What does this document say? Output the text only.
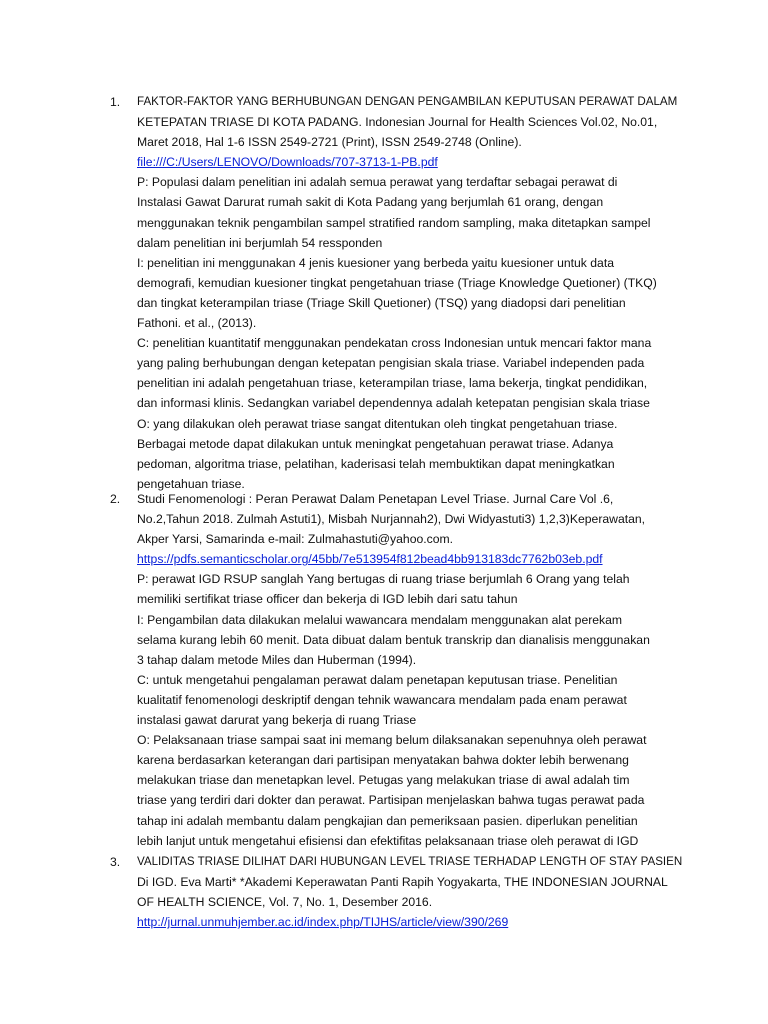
1. FAKTOR-FAKTOR YANG BERHUBUNGAN DENGAN PENGAMBILAN KEPUTUSAN PERAWAT DALAM
KETEPATAN TRIASE DI KOTA PADANG. Indonesian Journal for Health Sciences Vol.02, No.01,
Maret 2018, Hal 1-6 ISSN 2549-2721 (Print), ISSN 2549-2748 (Online).
file:///C:/Users/LENOVO/Downloads/707-3713-1-PB.pdf
P: Populasi dalam penelitian ini adalah semua perawat yang terdaftar sebagai perawat di
Instalasi Gawat Darurat rumah sakit di Kota Padang yang berjumlah 61 orang, dengan
menggunakan teknik pengambilan sampel stratified random sampling, maka ditetapkan sampel
dalam penelitian ini berjumlah 54 ressponden
I: penelitian ini menggunakan 4 jenis kuesioner yang berbeda yaitu kuesioner untuk data
demografi, kemudian kuesioner tingkat pengetahuan triase (Triage Knowledge Quetioner) (TKQ)
dan tingkat keterampilan triase (Triage Skill Quetioner) (TSQ) yang diadopsi dari penelitian
Fathoni. et al., (2013).
C: penelitian kuantitatif menggunakan pendekatan cross Indonesian untuk mencari faktor mana
yang paling berhubungan dengan ketepatan pengisian skala triase. Variabel independen pada
penelitian ini adalah pengetahuan triase, keterampilan triase, lama bekerja, tingkat pendidikan,
dan informasi klinis. Sedangkan variabel dependennya adalah ketepatan pengisian skala triase
O: yang dilakukan oleh perawat triase sangat ditentukan oleh tingkat pengetahuan triase.
Berbagai metode dapat dilakukan untuk meningkat pengetahuan perawat triase. Adanya
pedoman, algoritma triase, pelatihan, kaderisasi telah membuktikan dapat meningkatkan
pengetahuan triase.
2. Studi Fenomenologi : Peran Perawat Dalam Penetapan Level Triase. Jurnal Care Vol .6,
No.2,Tahun 2018. Zulmah Astuti1), Misbah Nurjannah2), Dwi Widyastuti3) 1,2,3)Keperawatan,
Akper Yarsi, Samarinda e-mail: Zulmahastuti@yahoo.com.
https://pdfs.semanticscholar.org/45bb/7e513954f812bead4bb913183dc7762b03eb.pdf
P: perawat IGD RSUP sanglah Yang bertugas di ruang triase berjumlah 6 Orang yang telah
memiliki sertifikat triase officer dan bekerja di IGD lebih dari satu tahun
I: Pengambilan data dilakukan melalui wawancara mendalam menggunakan alat perekam
selama kurang lebih 60 menit. Data dibuat dalam bentuk transkrip dan dianalisis menggunakan
3 tahap dalam metode Miles dan Huberman (1994).
C: untuk mengetahui pengalaman perawat dalam penetapan keputusan triase. Penelitian
kualitatif fenomenologi deskriptif dengan tehnik wawancara mendalam pada enam perawat
instalasi gawat darurat yang bekerja di ruang Triase
O: Pelaksanaan triase sampai saat ini memang belum dilaksanakan sepenuhnya oleh perawat
karena berdasarkan keterangan dari partisipan menyatakan bahwa dokter lebih berwenang
melakukan triase dan menetapkan level. Petugas yang melakukan triase di awal adalah tim
triase yang terdiri dari dokter dan perawat. Partisipan menjelaskan bahwa tugas perawat pada
tahap ini adalah membantu dalam pengkajian dan pemeriksaan pasien. diperlukan penelitian
lebih lanjut untuk mengetahui efisiensi dan efektifitas pelaksanaan triase oleh perawat di IGD
3. VALIDITAS TRIASE DILIHAT DARI HUBUNGAN LEVEL TRIASE TERHADAP LENGTH OF STAY PASIEN
Di IGD. Eva Marti* *Akademi Keperawatan Panti Rapih Yogyakarta, THE INDONESIAN JOURNAL
OF HEALTH SCIENCE, Vol. 7, No. 1, Desember 2016.
http://jurnal.unmuhjember.ac.id/index.php/TIJHS/article/view/390/269
